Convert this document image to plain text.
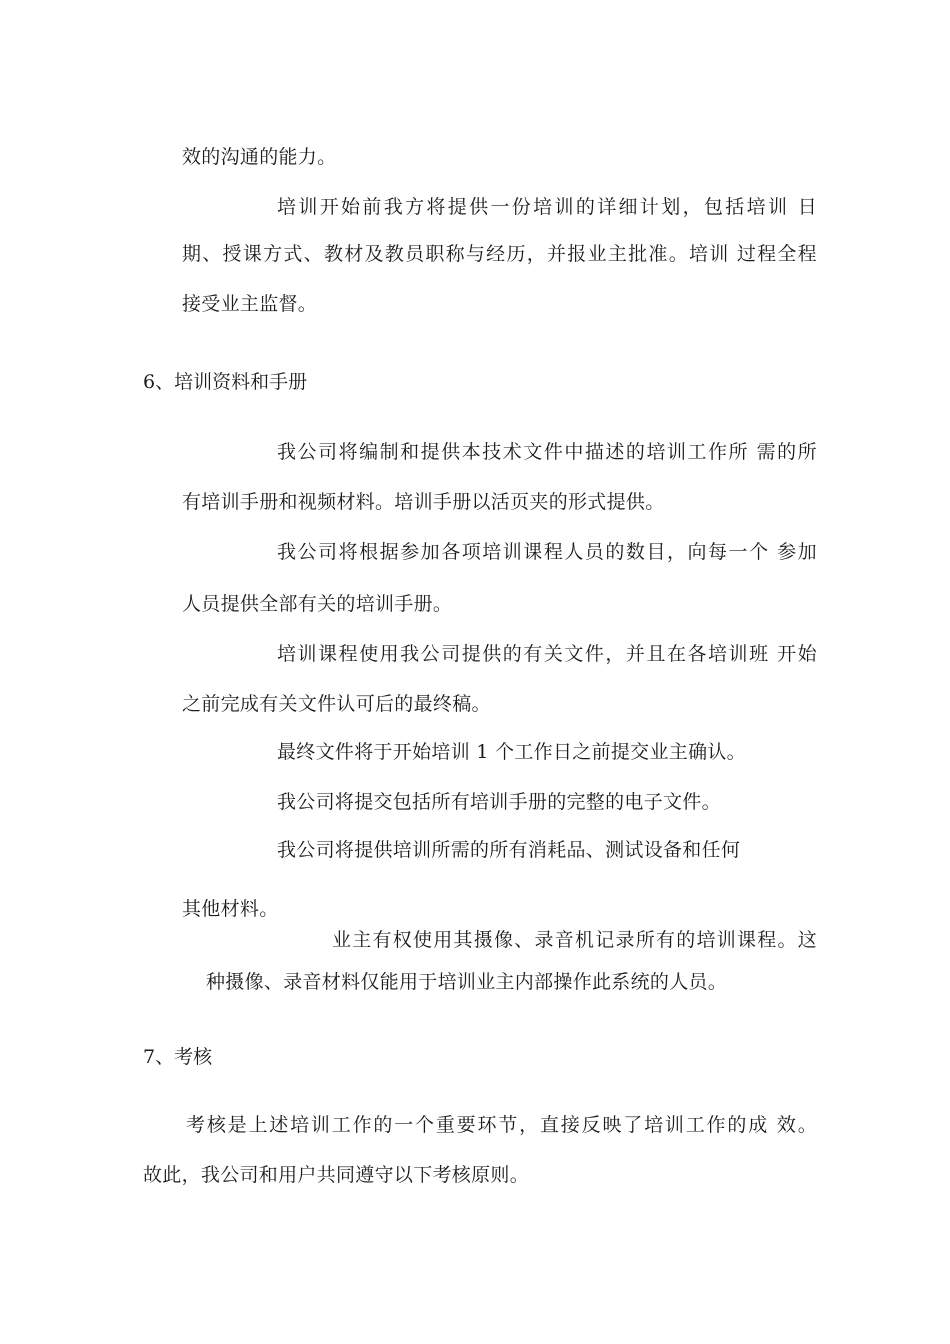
效的沟通的能力。
培训开始前我方将提供一份培训的详细计划，包括培训 日
期、授课方式、教材及教员职称与经历，并报业主批准。培训 过程全程
接受业主监督。
6、培训资料和手册
我公司将编制和提供本技术文件中描述的培训工作所 需的所
有培训手册和视频材料。培训手册以活页夹的形式提供。
我公司将根据参加各项培训课程人员的数目，向每一个 参加
人员提供全部有关的培训手册。
培训课程使用我公司提供的有关文件，并且在各培训班 开始
之前完成有关文件认可后的最终稿。
最终文件将于开始培训 1 个工作日之前提交业主确认。
我公司将提交包括所有培训手册的完整的电子文件。
我公司将提供培训所需的所有消耗品、测试设备和任何
其他材料。
业主有权使用其摄像、录音机记录所有的培训课程。这
种摄像、录音材料仅能用于培训业主内部操作此系统的人员。
7、考核
考核是上述培训工作的一个重要环节，直接反映了培训工作的成 效。
故此，我公司和用户共同遵守以下考核原则。
